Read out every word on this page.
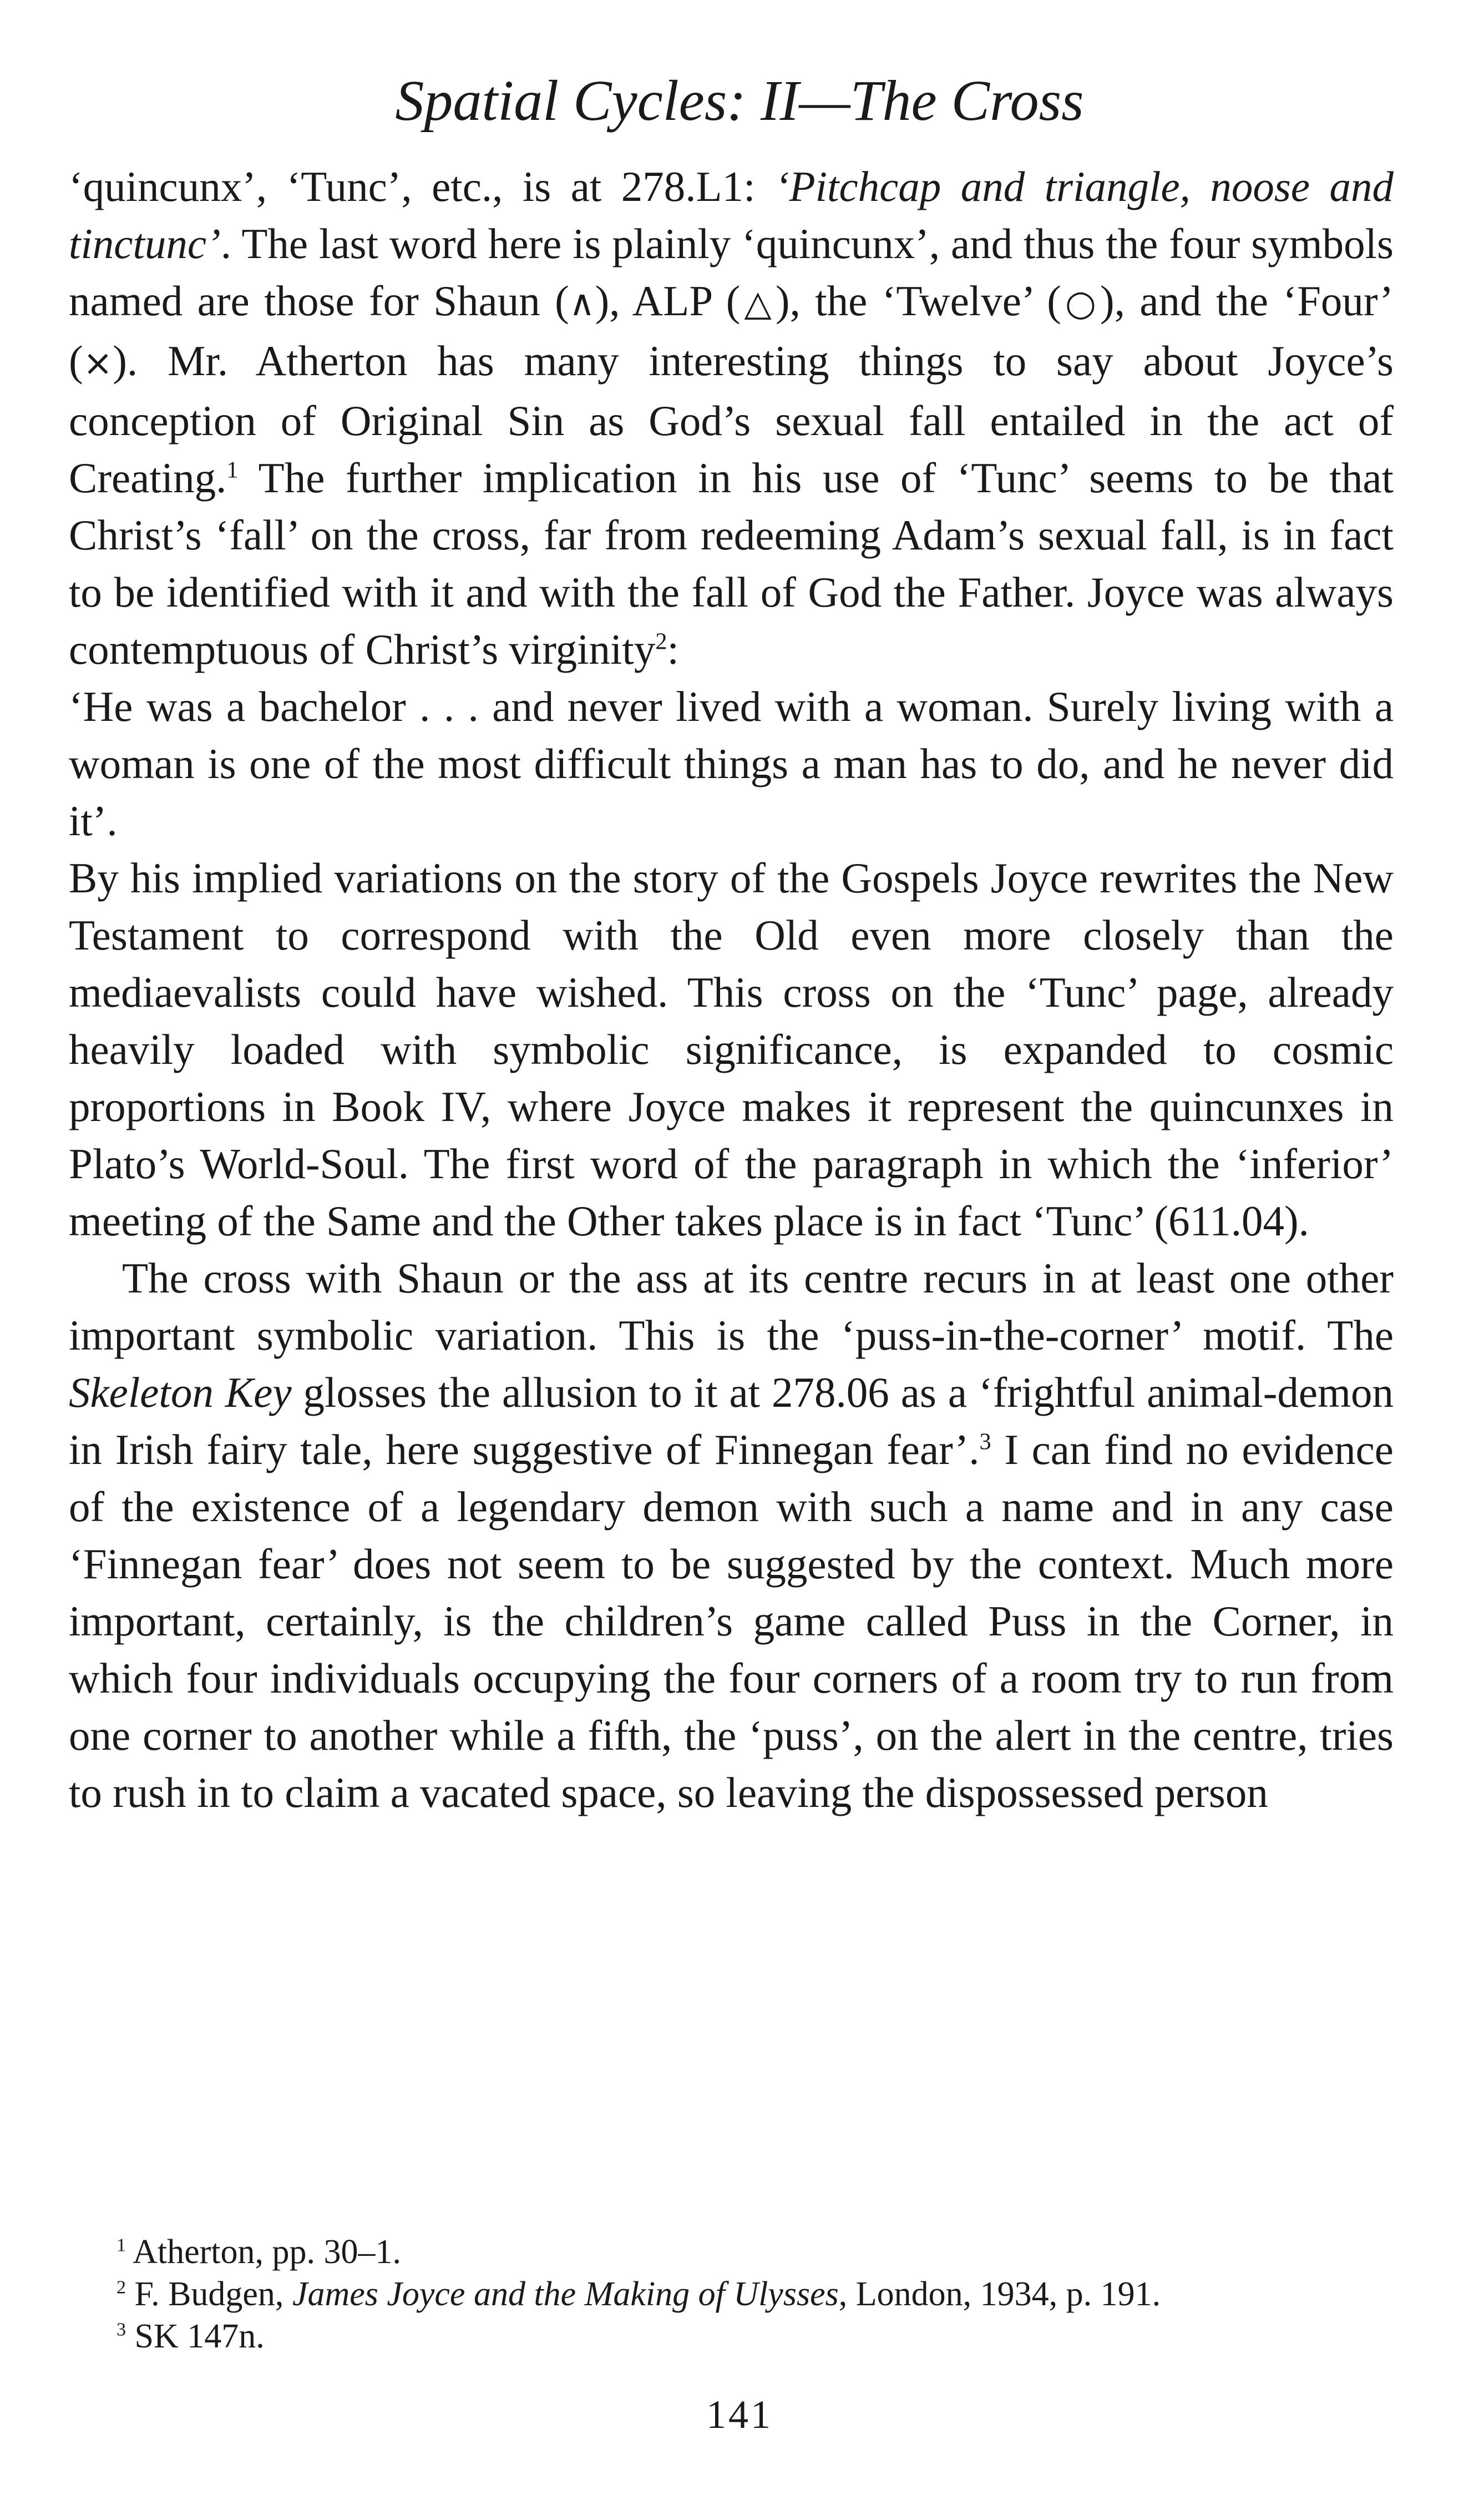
Spatial Cycles: II—The Cross

‘quincunx’, ‘Tunc’, etc., is at 278.L1: ‘Pitchcap and triangle, noose and tinctunc’. The last word here is plainly ‘quincunx’, and thus the four symbols named are those for Shaun (∧), ALP (△), the ‘Twelve’ (○), and the ‘Four’ (×). Mr. Atherton has many interesting things to say about Joyce’s conception of Original Sin as God’s sexual fall entailed in the act of Creating.$^1$ The further implication in his use of ‘Tunc’ seems to be that Christ’s ‘fall’ on the cross, far from redeeming Adam’s sexual fall, is in fact to be identified with it and with the fall of God the Father. Joyce was always contemptuous of Christ’s virginity$^2$:

‘He was a bachelor . . . and never lived with a woman. Surely living with a woman is one of the most difficult things a man has to do, and he never did it’.

By his implied variations on the story of the Gospels Joyce rewrites the New Testament to correspond with the Old even more closely than the mediaevalists could have wished. This cross on the ‘Tunc’ page, already heavily loaded with symbolic significance, is expanded to cosmic proportions in Book IV, where Joyce makes it represent the quincunxes in Plato’s World-Soul. The first word of the paragraph in which the ‘inferior’ meeting of the Same and the Other takes place is in fact ‘Tunc’ (611.04).

The cross with Shaun or the ass at its centre recurs in at least one other important symbolic variation. This is the ‘puss-in-the-corner’ motif. The Skeleton Key glosses the allusion to it at 278.06 as a ‘frightful animal-demon in Irish fairy tale, here suggestive of Finnegan fear’.$^3$ I can find no evidence of the existence of a legendary demon with such a name and in any case ‘Finnegan fear’ does not seem to be suggested by the context. Much more important, certainly, is the children’s game called Puss in the Corner, in which four individuals occupying the four corners of a room try to run from one corner to another while a fifth, the ‘puss’, on the alert in the centre, tries to rush in to claim a vacated space, so leaving the dispossessed person

$^1$ Atherton, pp. 30–1.

$^2$ F. Budgen, James Joyce and the Making of Ulysses, London, 1934, p. 191.

$^3$ SK 147n.

141
